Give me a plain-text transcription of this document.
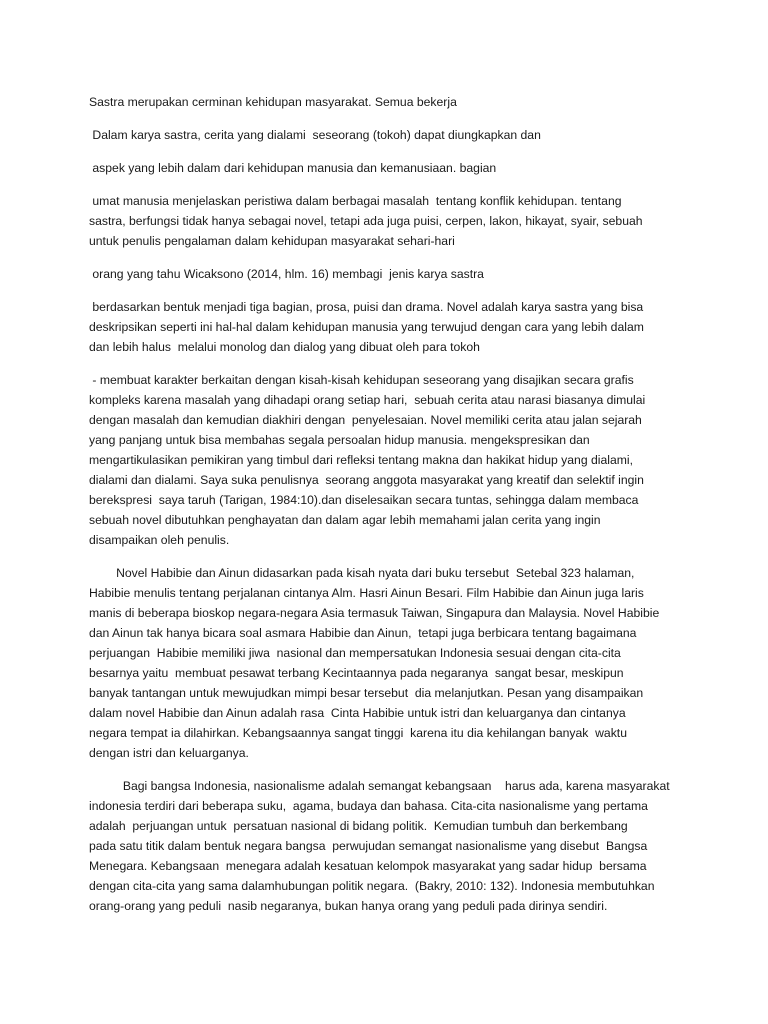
Sastra merupakan cerminan kehidupan masyarakat. Semua bekerja

Dalam karya sastra, cerita yang dialami  seseorang (tokoh) dapat diungkapkan dan

aspek yang lebih dalam dari kehidupan manusia dan kemanusiaan. bagian

umat manusia menjelaskan peristiwa dalam berbagai masalah  tentang konflik kehidupan. tentang
sastra, berfungsi tidak hanya sebagai novel, tetapi ada juga puisi, cerpen, lakon, hikayat, syair, sebuah
untuk penulis pengalaman dalam kehidupan masyarakat sehari-hari

orang yang tahu Wicaksono (2014, hlm. 16) membagi  jenis karya sastra

berdasarkan bentuk menjadi tiga bagian, prosa, puisi dan drama. Novel adalah karya sastra yang bisa
deskripsikan seperti ini hal-hal dalam kehidupan manusia yang terwujud dengan cara yang lebih dalam
dan lebih halus  melalui monolog dan dialog yang dibuat oleh para tokoh

- membuat karakter berkaitan dengan kisah-kisah kehidupan seseorang yang disajikan secara grafis
kompleks karena masalah yang dihadapi orang setiap hari,  sebuah cerita atau narasi biasanya dimulai
dengan masalah dan kemudian diakhiri dengan  penyelesaian. Novel memiliki cerita atau jalan sejarah
yang panjang untuk bisa membahas segala persoalan hidup manusia. mengekspresikan dan
mengartikulasikan pemikiran yang timbul dari refleksi tentang makna dan hakikat hidup yang dialami,
dialami dan dialami. Saya suka penulisnya  seorang anggota masyarakat yang kreatif dan selektif ingin
berekspresi  saya taruh (Tarigan, 1984:10).dan diselesaikan secara tuntas, sehingga dalam membaca
sebuah novel dibutuhkan penghayatan dan dalam agar lebih memahami jalan cerita yang ingin
disampaikan oleh penulis.

Novel Habibie dan Ainun didasarkan pada kisah nyata dari buku tersebut  Setebal 323 halaman,
Habibie menulis tentang perjalanan cintanya Alm. Hasri Ainun Besari. Film Habibie dan Ainun juga laris
manis di beberapa bioskop negara-negara Asia termasuk Taiwan, Singapura dan Malaysia. Novel Habibie
dan Ainun tak hanya bicara soal asmara Habibie dan Ainun,  tetapi juga berbicara tentang bagaimana
perjuangan  Habibie memiliki jiwa  nasional dan mempersatukan Indonesia sesuai dengan cita-cita
besarnya yaitu  membuat pesawat terbang Kecintaannya pada negaranya  sangat besar, meskipun
banyak tantangan untuk mewujudkan mimpi besar tersebut  dia melanjutkan. Pesan yang disampaikan
dalam novel Habibie dan Ainun adalah rasa  Cinta Habibie untuk istri dan keluarganya dan cintanya
negara tempat ia dilahirkan. Kebangsaannya sangat tinggi  karena itu dia kehilangan banyak  waktu
dengan istri dan keluarganya.

Bagi bangsa Indonesia, nasionalisme adalah semangat kebangsaan    harus ada, karena masyarakat
indonesia terdiri dari beberapa suku,  agama, budaya dan bahasa. Cita-cita nasionalisme yang pertama
adalah  perjuangan untuk  persatuan nasional di bidang politik.  Kemudian tumbuh dan berkembang
pada satu titik dalam bentuk negara bangsa  perwujudan semangat nasionalisme yang disebut  Bangsa
Menegara. Kebangsaan  menegara adalah kesatuan kelompok masyarakat yang sadar hidup  bersama
dengan cita-cita yang sama dalamhubungan politik negara.  (Bakry, 2010: 132). Indonesia membutuhkan
orang-orang yang peduli  nasib negaranya, bukan hanya orang yang peduli pada dirinya sendiri.
